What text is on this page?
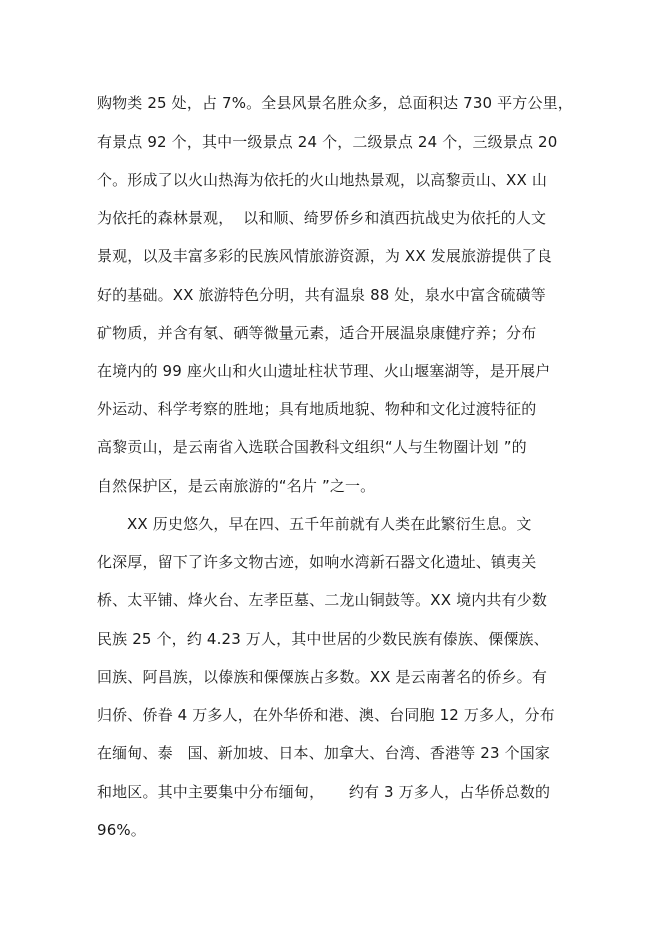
购物类 25 处，占 7%。全县风景名胜众多，总面积达 730 平方公里，
有景点 92 个，其中一级景点 24 个，二级景点 24 个，三级景点 20
个。形成了以火山热海为依托的火山地热景观，以高黎贡山、XX 山
为依托的森林景观，  以和顺、绮罗侨乡和滇西抗战史为依托的人文
景观，以及丰富多彩的民族风情旅游资源，为 XX 发展旅游提供了良
好的基础。XX 旅游特色分明，共有温泉 88 处，泉水中富含硫磺等
矿物质，并含有氡、硒等微量元素，适合开展温泉康健疗养；分布
在境内的 99 座火山和火山遗址柱状节理、火山堰塞湖等，是开展户
外运动、科学考察的胜地；具有地质地貌、物种和文化过渡特征的
高黎贡山，是云南省入选联合国教科文组织“人与生物圈计划 ”的
自然保护区，是云南旅游的“名片 ”之一。
XX 历史悠久，早在四、五千年前就有人类在此繁衍生息。文
化深厚，留下了许多文物古迹，如响水湾新石器文化遗址、镇夷关
桥、太平铺、烽火台、左孝臣墓、二龙山铜鼓等。XX 境内共有少数
民族 25 个，约 4.23 万人，其中世居的少数民族有傣族、傈僳族、
回族、阿昌族，以傣族和傈僳族占多数。XX 是云南著名的侨乡。有
归侨、侨眷 4 万多人，在外华侨和港、澳、台同胞 12 万多人，分布
在缅甸、泰   国、新加坡、日本、加拿大、台湾、香港等 23 个国家
和地区。其中主要集中分布缅甸，     约有 3 万多人，占华侨总数的
96%。
